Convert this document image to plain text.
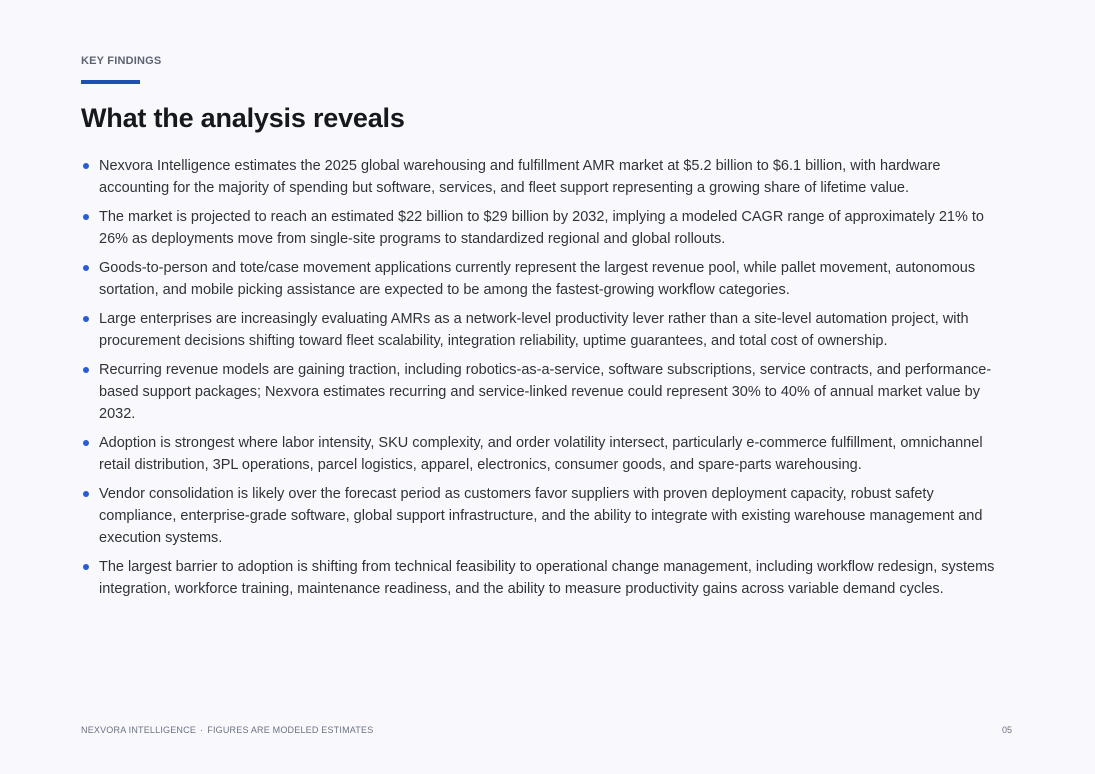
KEY FINDINGS
What the analysis reveals
Nexvora Intelligence estimates the 2025 global warehousing and fulfillment AMR market at $5.2 billion to $6.1 billion, with hardware accounting for the majority of spending but software, services, and fleet support representing a growing share of lifetime value.
The market is projected to reach an estimated $22 billion to $29 billion by 2032, implying a modeled CAGR range of approximately 21% to 26% as deployments move from single-site programs to standardized regional and global rollouts.
Goods-to-person and tote/case movement applications currently represent the largest revenue pool, while pallet movement, autonomous sortation, and mobile picking assistance are expected to be among the fastest-growing workflow categories.
Large enterprises are increasingly evaluating AMRs as a network-level productivity lever rather than a site-level automation project, with procurement decisions shifting toward fleet scalability, integration reliability, uptime guarantees, and total cost of ownership.
Recurring revenue models are gaining traction, including robotics-as-a-service, software subscriptions, service contracts, and performance-based support packages; Nexvora estimates recurring and service-linked revenue could represent 30% to 40% of annual market value by 2032.
Adoption is strongest where labor intensity, SKU complexity, and order volatility intersect, particularly e-commerce fulfillment, omnichannel retail distribution, 3PL operations, parcel logistics, apparel, electronics, consumer goods, and spare-parts warehousing.
Vendor consolidation is likely over the forecast period as customers favor suppliers with proven deployment capacity, robust safety compliance, enterprise-grade software, global support infrastructure, and the ability to integrate with existing warehouse management and execution systems.
The largest barrier to adoption is shifting from technical feasibility to operational change management, including workflow redesign, systems integration, workforce training, maintenance readiness, and the ability to measure productivity gains across variable demand cycles.
NEXVORA INTELLIGENCE · FIGURES ARE MODELED ESTIMATES	05
